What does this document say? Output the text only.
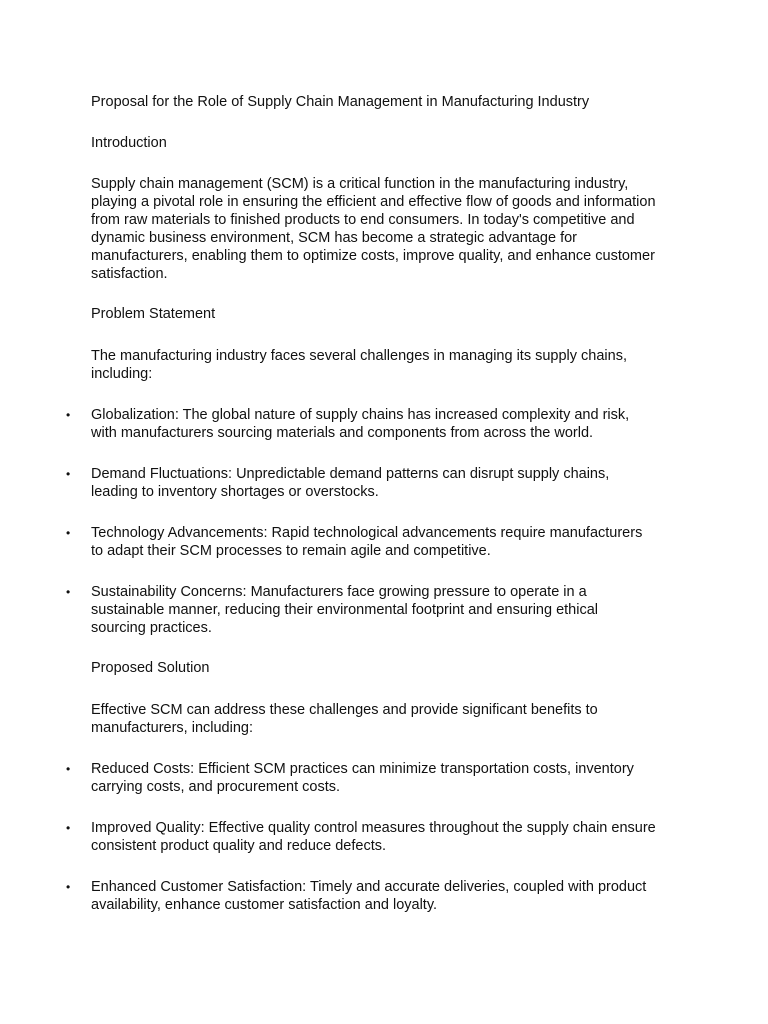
Proposal for the Role of Supply Chain Management in Manufacturing Industry

Introduction

Supply chain management (SCM) is a critical function in the manufacturing industry,
playing a pivotal role in ensuring the efficient and effective flow of goods and information
from raw materials to finished products to end consumers. In today's competitive and
dynamic business environment, SCM has become a strategic advantage for
manufacturers, enabling them to optimize costs, improve quality, and enhance customer
satisfaction.

Problem Statement

The manufacturing industry faces several challenges in managing its supply chains,
including:

• Globalization: The global nature of supply chains has increased complexity and risk,
with manufacturers sourcing materials and components from across the world.
• Demand Fluctuations: Unpredictable demand patterns can disrupt supply chains,
leading to inventory shortages or overstocks.
• Technology Advancements: Rapid technological advancements require manufacturers
to adapt their SCM processes to remain agile and competitive.
• Sustainability Concerns: Manufacturers face growing pressure to operate in a
sustainable manner, reducing their environmental footprint and ensuring ethical
sourcing practices.

Proposed Solution

Effective SCM can address these challenges and provide significant benefits to
manufacturers, including:

• Reduced Costs: Efficient SCM practices can minimize transportation costs, inventory
carrying costs, and procurement costs.
• Improved Quality: Effective quality control measures throughout the supply chain ensure
consistent product quality and reduce defects.
• Enhanced Customer Satisfaction: Timely and accurate deliveries, coupled with product
availability, enhance customer satisfaction and loyalty.
